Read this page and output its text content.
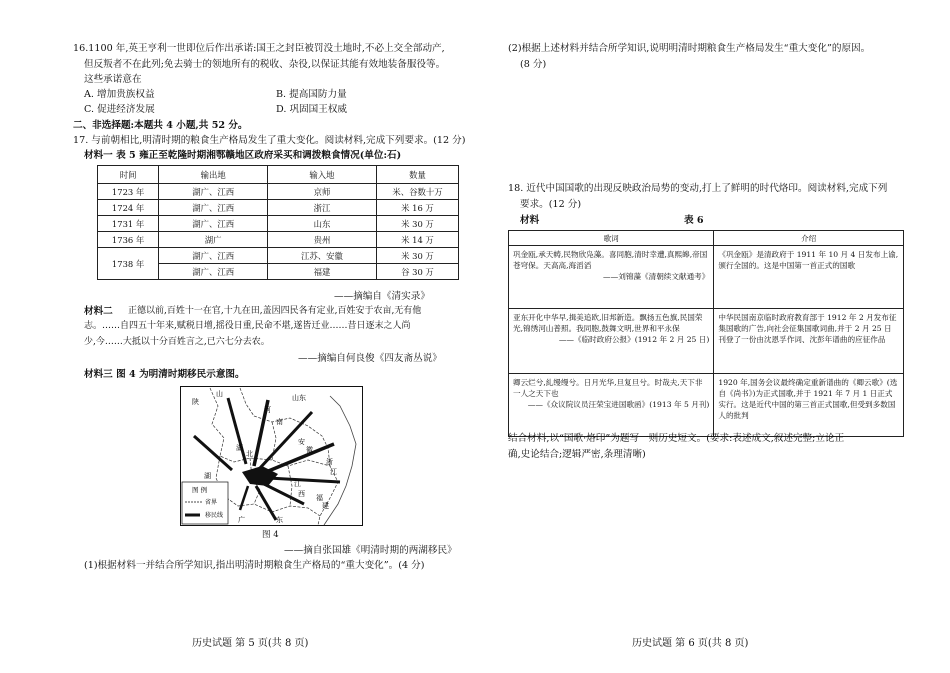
16.1100 年,英王亨利一世即位后作出承诺:国王之封臣被罚没土地时,不必上交全部动产,
但反叛者不在此列;免去骑士的领地所有的税收、杂役,以保证其能有效地装备服役等。
这些承诺意在
A. 增加贵族权益	B. 提高国防力量
C. 促进经济发展	D. 巩固国王权威
二、非选择题:本题共 4 小题,共 52 分。
17. 与前朝相比,明清时期的粮食生产格局发生了重大变化。阅读材料,完成下列要求。(12 分)
材料一 表 5 雍正至乾隆时期湘鄂赣地区政府采买和调拨粮食情况(单位:石)
时间	输出地	输入地	数量
1723 年	湖广、江西	京师	米、谷数十万
1724 年	湖广、江西	浙江	米 16 万
1731 年	湖广、江西	山东	米 30 万
1736 年	湖广	贵州	米 14 万
1738 年	湖广、江西	江苏、安徽	米 30 万
	湖广、江西	福建	谷 30 万
——摘编自《清实录》
材料二 正德以前,百姓十一在官,十九在田,盖因四民各有定业,百姓安于农亩,无有他
志。……自四五十年来,赋税日增,摇役日重,民命不堪,遂皆迁业……昔日逐末之人尚
少,今……大抵以十分百姓言之,已六七分去农。
——摘编自何良俊《四友斋丛说》
材料三 图 4 为明清时期移民示意图。
陕
山	山东
河
南
湖
北
安
徽
浙
江
湖
江
西 福
建
广	东
图 例
省界
移民线
图 4
——摘自张国雄《明清时期的两湖移民》
(1)根据材料一并结合所学知识,指出明清时期粮食生产格局的“重大变化”。(4 分)
历史试题 第 5 页(共 8 页)
(2)根据上述材料并结合所学知识,说明明清时期粮食生产格局发生“重大变化”的原因。
(8 分)
18. 近代中国国歌的出现反映政治局势的变动,打上了鲜明的时代烙印。阅读材料,完成下列
要求。(12 分)
材料	表 6
歌词	介绍

巩金瓯,承天帱,民物欣凫藻。喜同胞,清时幸遭,真熙皞,帝国苍穹保。天高高,海滔滔
——刘锦藻《清朝续文献通考》	《巩金瓯》是清政府于 1911 年 10 月 4 日发布上谕,颁行全国的。这是中国第一首正式的国歌

亚东开化中华早,揖美追欧,旧邦新造。飘扬五色旗,民国荣光,锦绣河山普照。我同胞,鼓舞文明,世界和平永保
——《临时政府公报》(1912 年 2 月 25 日)	中华民国南京临时政府教育部于 1912 年 2 月发布征集国歌的广告,向社会征集国歌词曲,并于 2 月 25 日刊登了一份由沈恩孚作词、沈彭年谱曲的应征作品

卿云烂兮,糺缦缦兮。日月光华,旦复旦兮。时哉夫,天下非一人之天下也
——《众议院议员汪荣宝进国歌函》(1913 年 5 月刊)	1920 年,国务会议最终确定重新谱曲的《卿云歌》(选自《尚书》)为正式国歌,并于 1921 年 7 月 1 日正式实行。这是近代中国的第三首正式国歌,但受到多数国人的批判
结合材料,以“国歌·烙印”为题写一则历史短文。(要求:表述成文,叙述完整;立论正
确,史论结合;逻辑严密,条理清晰)
历史试题 第 6 页(共 8 页)
